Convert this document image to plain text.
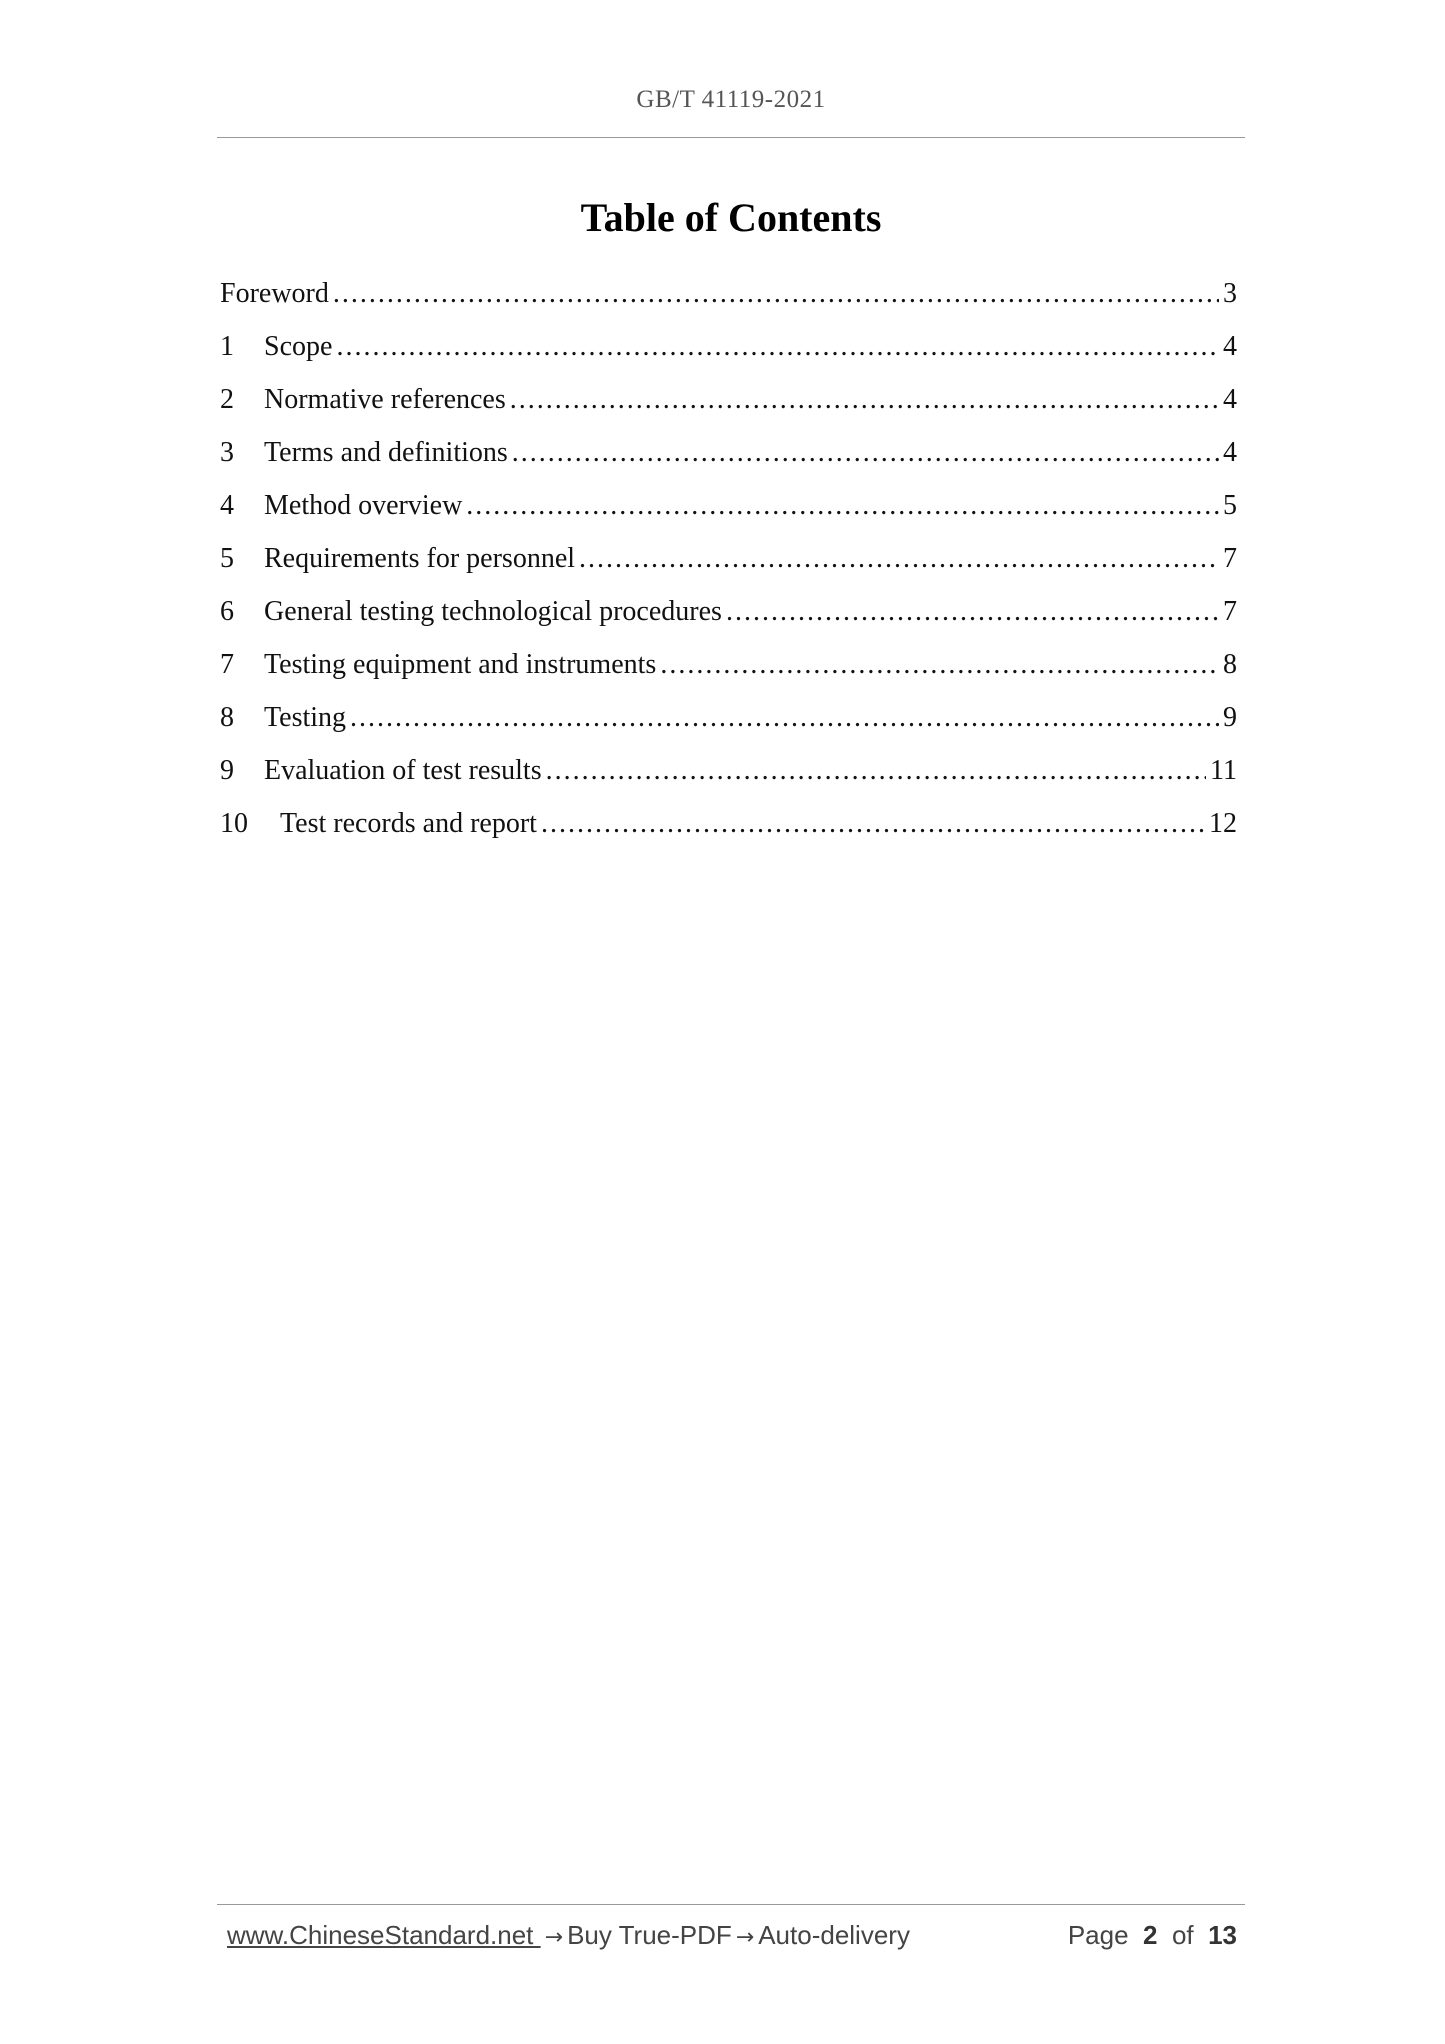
GB/T 41119-2021
Table of Contents
Foreword .....	3
1	Scope .....	4
2	Normative references .....	4
3	Terms and definitions .....	4
4	Method overview .....	5
5	Requirements for personnel .....	7
6	General testing technological procedures .....	7
7	Testing equipment and instruments .....	8
8	Testing .....	9
9	Evaluation of test results .....	11
10	Test records and report .....	12
www.ChineseStandard.net → Buy True-PDF → Auto-delivery	Page 2 of 13
